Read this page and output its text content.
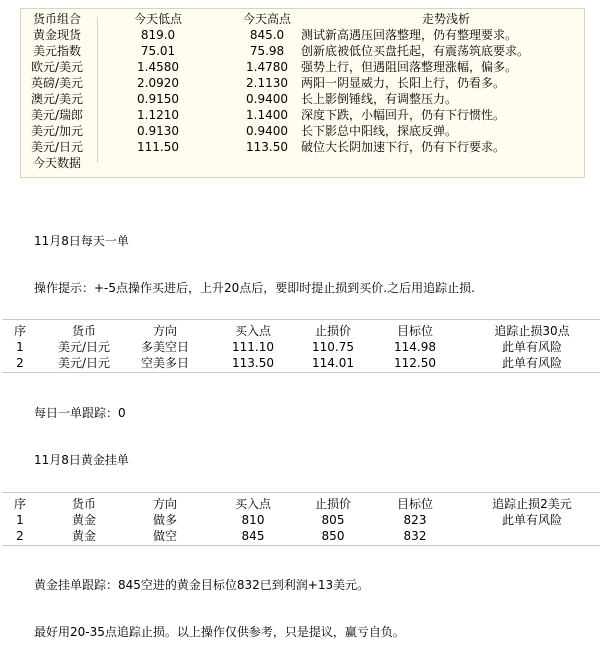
货币组合	今天低点	今天高点	走势浅析
黄金现货	819.0	845.0	测试新高遇压回落整理，仍有整理要求。
美元指数	75.01	75.98	创新底被低位买盘托起，有震荡筑底要求。
欧元/美元	1.4580	1.4780	强势上行，但遇阻回落整理涨幅，偏多。
英磅/美元	2.0920	2.1130	两阳一阴显威力，长阳上行，仍看多。
澳元/美元	0.9150	0.9400	长上影倒锤线，有调整压力。
美元/瑞郎	1.1210	1.1400	深度下跌，小幅回升，仍有下行惯性。
美元/加元	0.9130	0.9400	长下影总中阳线，探底反弹。
美元/日元	111.50	113.50	破位大长阴加速下行，仍有下行要求。
今天数据
11月8日每天一单
操作提示：+-5点操作买进后，上升20点后，要即时提止损到买价.之后用追踪止损.
序	货币	方向	买入点	止损价	目标位	追踪止损30点
1	美元/日元	多美空日	111.10	110.75	114.98	此单有风险
2	美元/日元	空美多日	113.50	114.01	112.50	此单有风险
每日一单跟踪：0
11月8日黄金挂单
序	货币	方向	买入点	止损价	目标位	追踪止损2美元
1	黄金	做多	810	805	823	此单有风险
2	黄金	做空	845	850	832
黄金挂单跟踪：845空进的黄金目标位832已到利润+13美元。
最好用20-35点追踪止损。以上操作仅供参考，只是提议，赢亏自负。
